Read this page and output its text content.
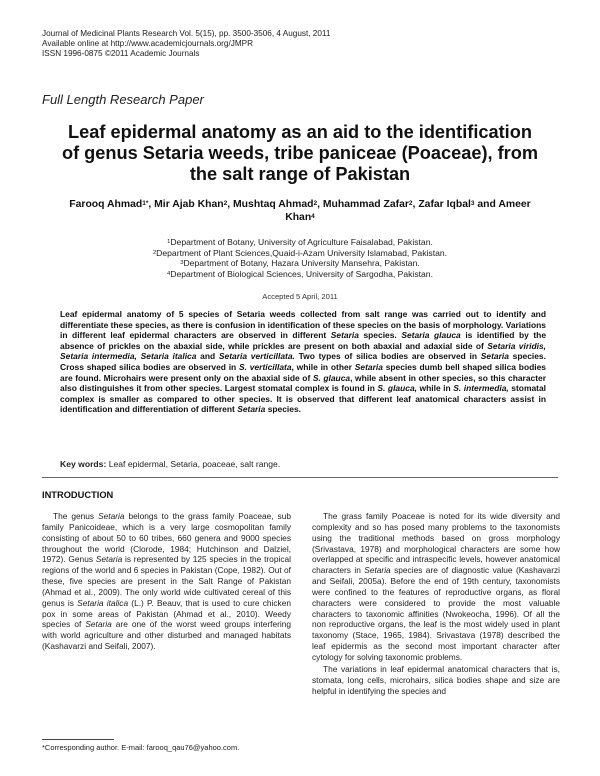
Journal of Medicinal Plants Research Vol. 5(15), pp. 3500-3506, 4 August, 2011
Available online at http://www.academicjournals.org/JMPR
ISSN 1996-0875 ©2011 Academic Journals
Full Length Research Paper
Leaf epidermal anatomy as an aid to the identification
of genus Setaria weeds, tribe paniceae (Poaceae), from
the salt range of Pakistan
Farooq Ahmad$^{1*}$, Mir Ajab Khan$^2$, Mushtaq Ahmad$^2$, Muhammad Zafar$^2$, Zafar Iqbal$^3$ and Ameer Khan$^4$
$^1$Department of Botany, University of Agriculture Faisalabad, Pakistan.
$^2$Department of Plant Sciences,Quaid-i-Azam University Islamabad, Pakistan.
$^3$Department of Botany, Hazara University Mansehra, Pakistan.
$^4$Department of Biological Sciences, University of Sargodha, Pakistan.
Accepted 5 April, 2011
Leaf epidermal anatomy of 5 species of Setaria weeds collected from salt range was carried out to identify and differentiate these species, as there is confusion in identification of these species on the basis of morphology. Variations in different leaf epidermal characters are observed in different Setaria species. Setaria glauca is identified by the absence of prickles on the abaxial side, while prickles are present on both abaxial and adaxial side of Setaria viridis, Setaria intermedia, Setaria italica and Setaria verticillata. Two types of silica bodies are observed in Setaria species. Cross shaped silica bodies are observed in S. verticillata, while in other Setaria species dumb bell shaped silica bodies are found. Microhairs were present only on the abaxial side of S. glauca, while absent in other species, so this character also distinguishes it from other species. Largest stomatal complex is found in S. glauca, while in S. intermedia, stomatal complex is smaller as compared to other species. It is observed that different leaf anatomical characters assist in identification and differentiation of different Setaria species.
Key words: Leaf epidermal, Setaria, poaceae, salt range.
INTRODUCTION

The genus Setaria belongs to the grass family Poaceae, sub family Panicoideae, which is a very large cosmopolitan family consisting of about 50 to 60 tribes, 660 genera and 9000 species throughout the world (Clorode, 1984; Hutchinson and Dalziel, 1972). Genus Setaria is represented by 125 species in the tropical regions of the world and 6 species in Pakistan (Cope, 1982). Out of these, five species are present in the Salt Range of Pakistan (Ahmad et al., 2009). The only world wide cultivated cereal of this genus is Setaria italica (L.) P. Beauv, that is used to cure chicken pox in some areas of Pakistan (Ahmad et al., 2010). Weedy species of Setaria are one of the worst weed groups interfering with world agriculture and other disturbed and managed habitats (Kashavarzi and Seifali, 2007).

The grass family Poaceae is noted for its wide diversity and complexity and so has posed many problems to the taxonomists using the traditional methods based on gross morphology (Srivastava, 1978) and morphological characters are some how overlapped at specific and intraspecific levels, however anatomical characters in Setaria species are of diagnostic value (Kashavarzi and Seifali, 2005a). Before the end of 19th century, taxonomists were confined to the features of reproductive organs, as floral characters were considered to provide the most valuable characters to taxonomic affinities (Nwokeocha, 1996). Of all the non reproductive organs, the leaf is the most widely used in plant taxonomy (Stace, 1965, 1984). Srivastava (1978) described the leaf epidermis as the second most important character after cytology for solving taxonomic problems.

The variations in leaf epidermal anatomical characters that is, stomata, long cells, microhairs, silica bodies shape and size are helpful in identifying the species and

*Corresponding author. E-mail: farooq_qau76@yahoo.com.
